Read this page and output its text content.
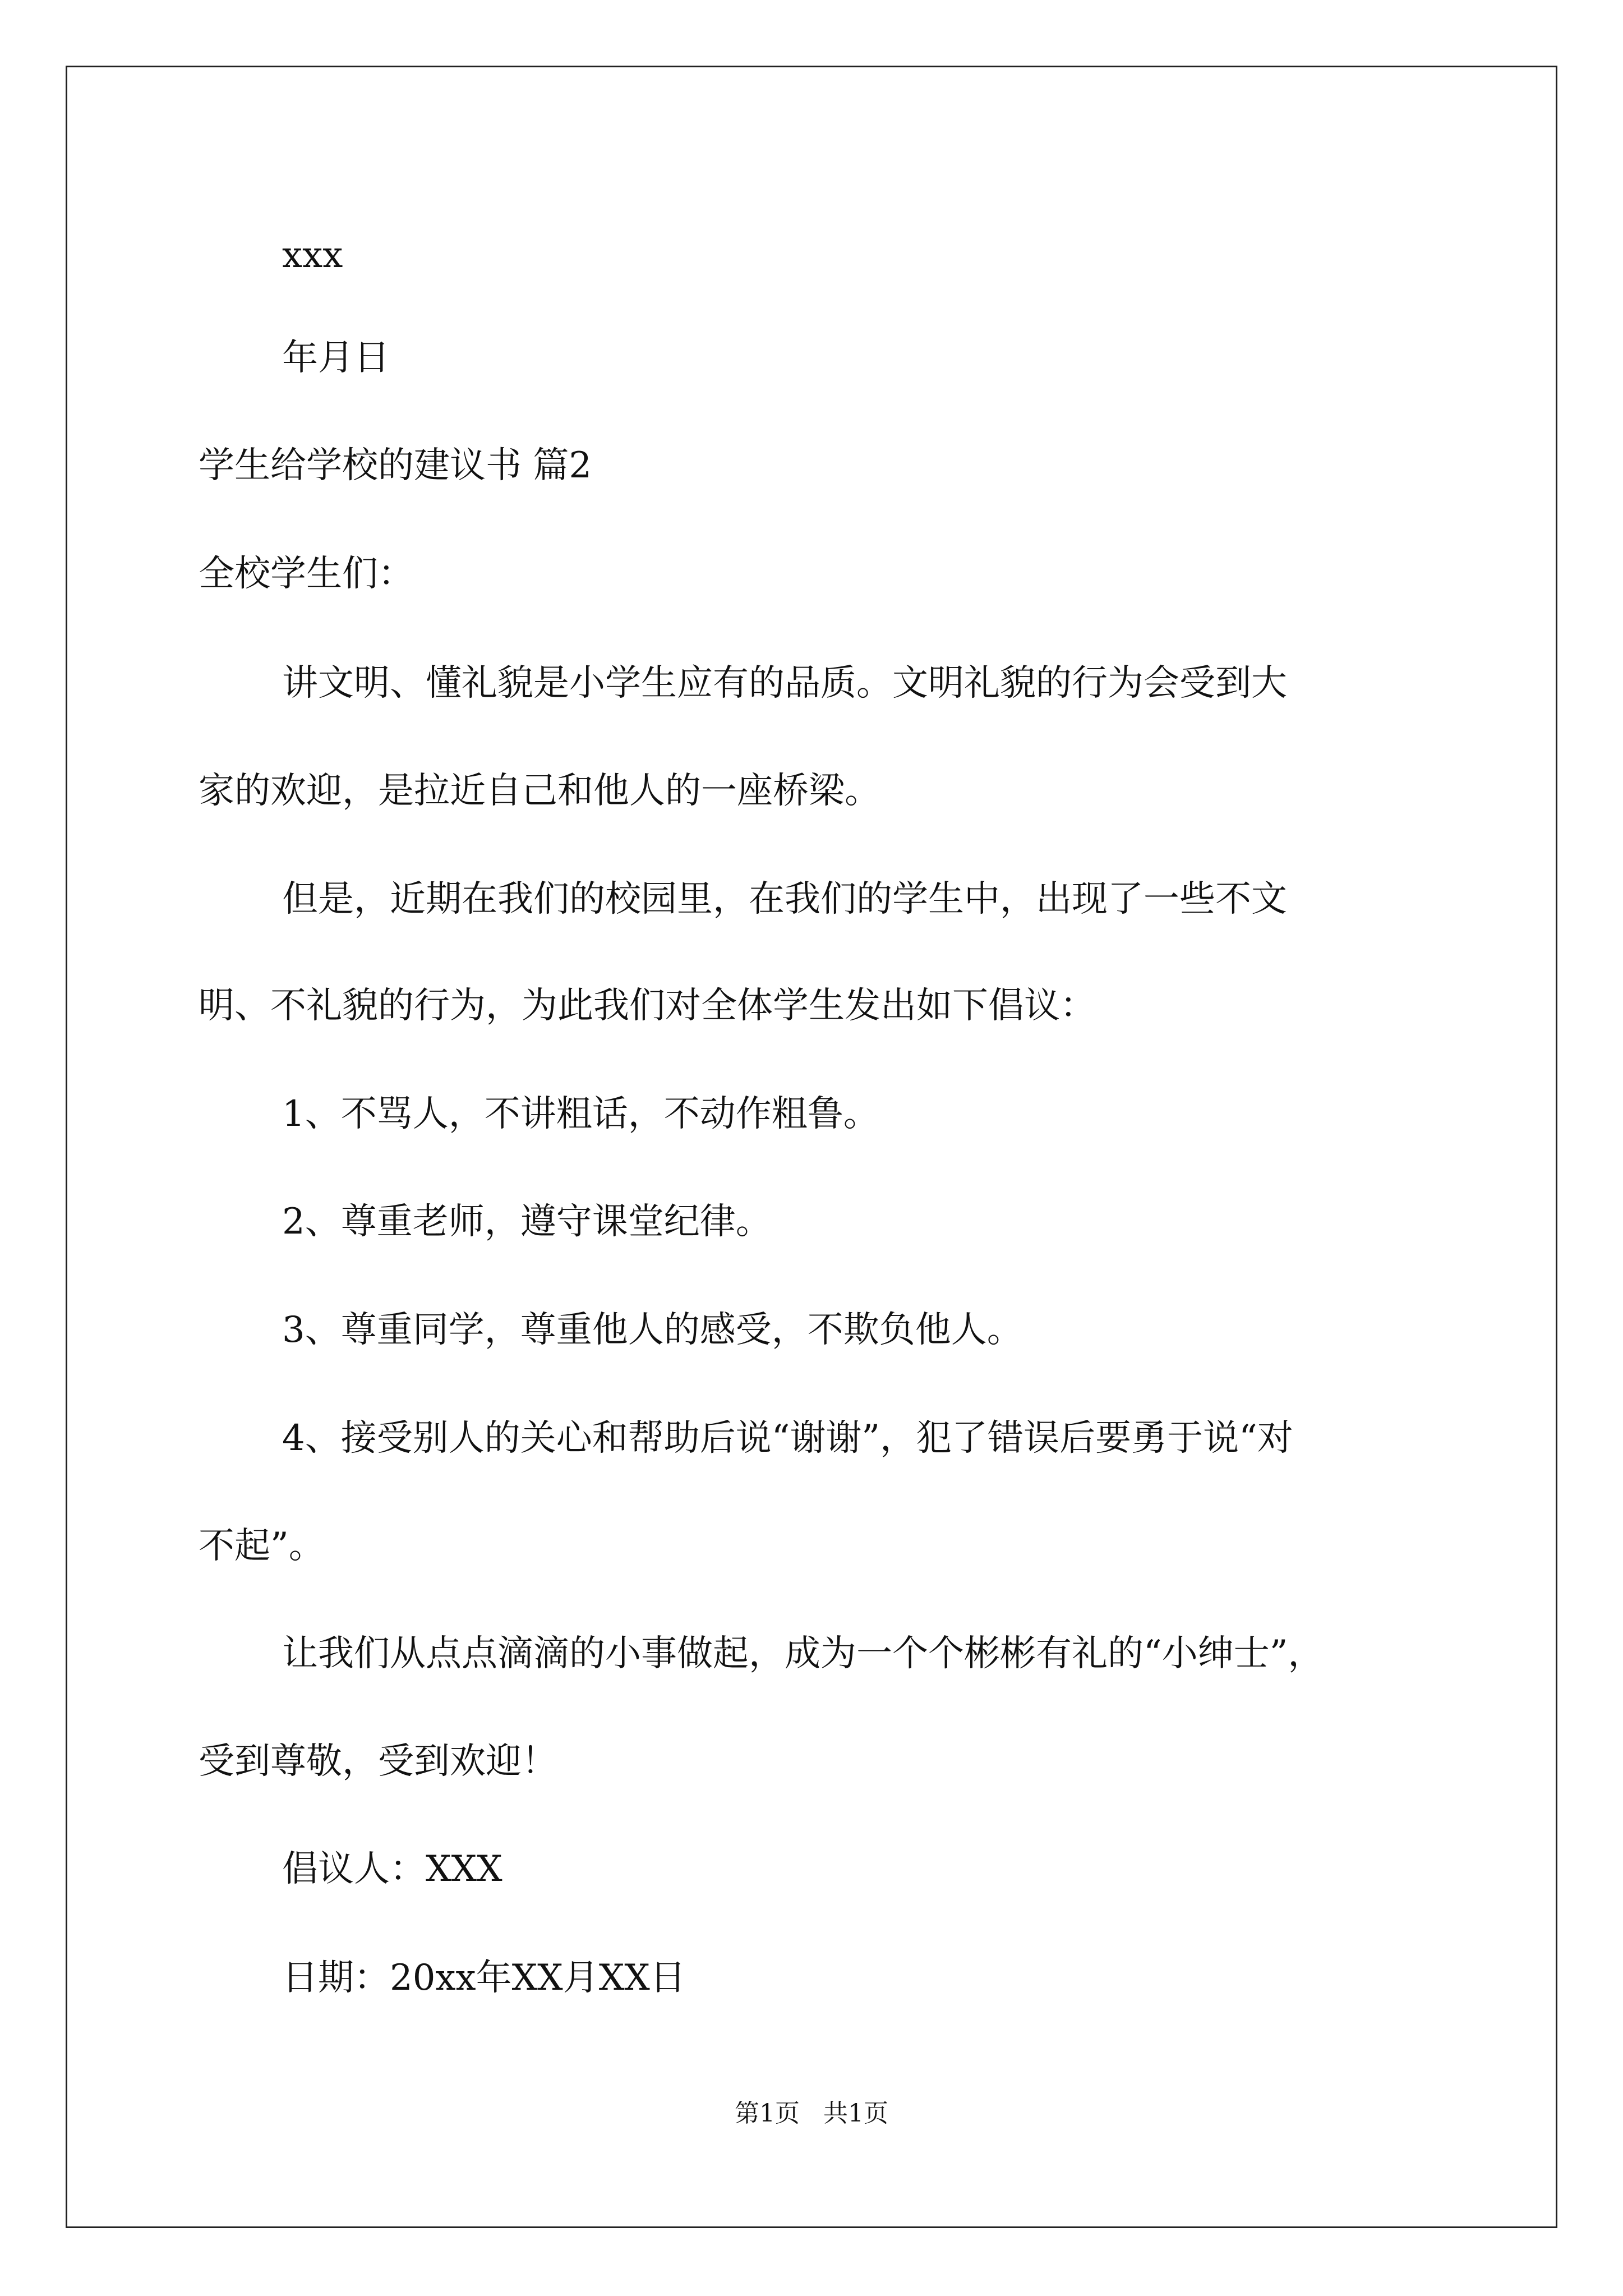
xxx
年月日
学生给学校的建议书 篇2
全校学生们：
讲文明、懂礼貌是小学生应有的品质。文明礼貌的行为会受到大
家的欢迎，是拉近自己和他人的一座桥梁。
但是，近期在我们的校园里，在我们的学生中，出现了一些不文
明、不礼貌的行为，为此我们对全体学生发出如下倡议：
1、不骂人，不讲粗话，不动作粗鲁。
2、尊重老师，遵守课堂纪律。
3、尊重同学，尊重他人的感受，不欺负他人。
4、接受别人的关心和帮助后说“谢谢”，犯了错误后要勇于说“对
不起”。
让我们从点点滴滴的小事做起，成为一个个彬彬有礼的“小绅士”，
受到尊敬，受到欢迎！
倡议人：XXX
日期：20xx年XX月XX日
第1页   共1页
